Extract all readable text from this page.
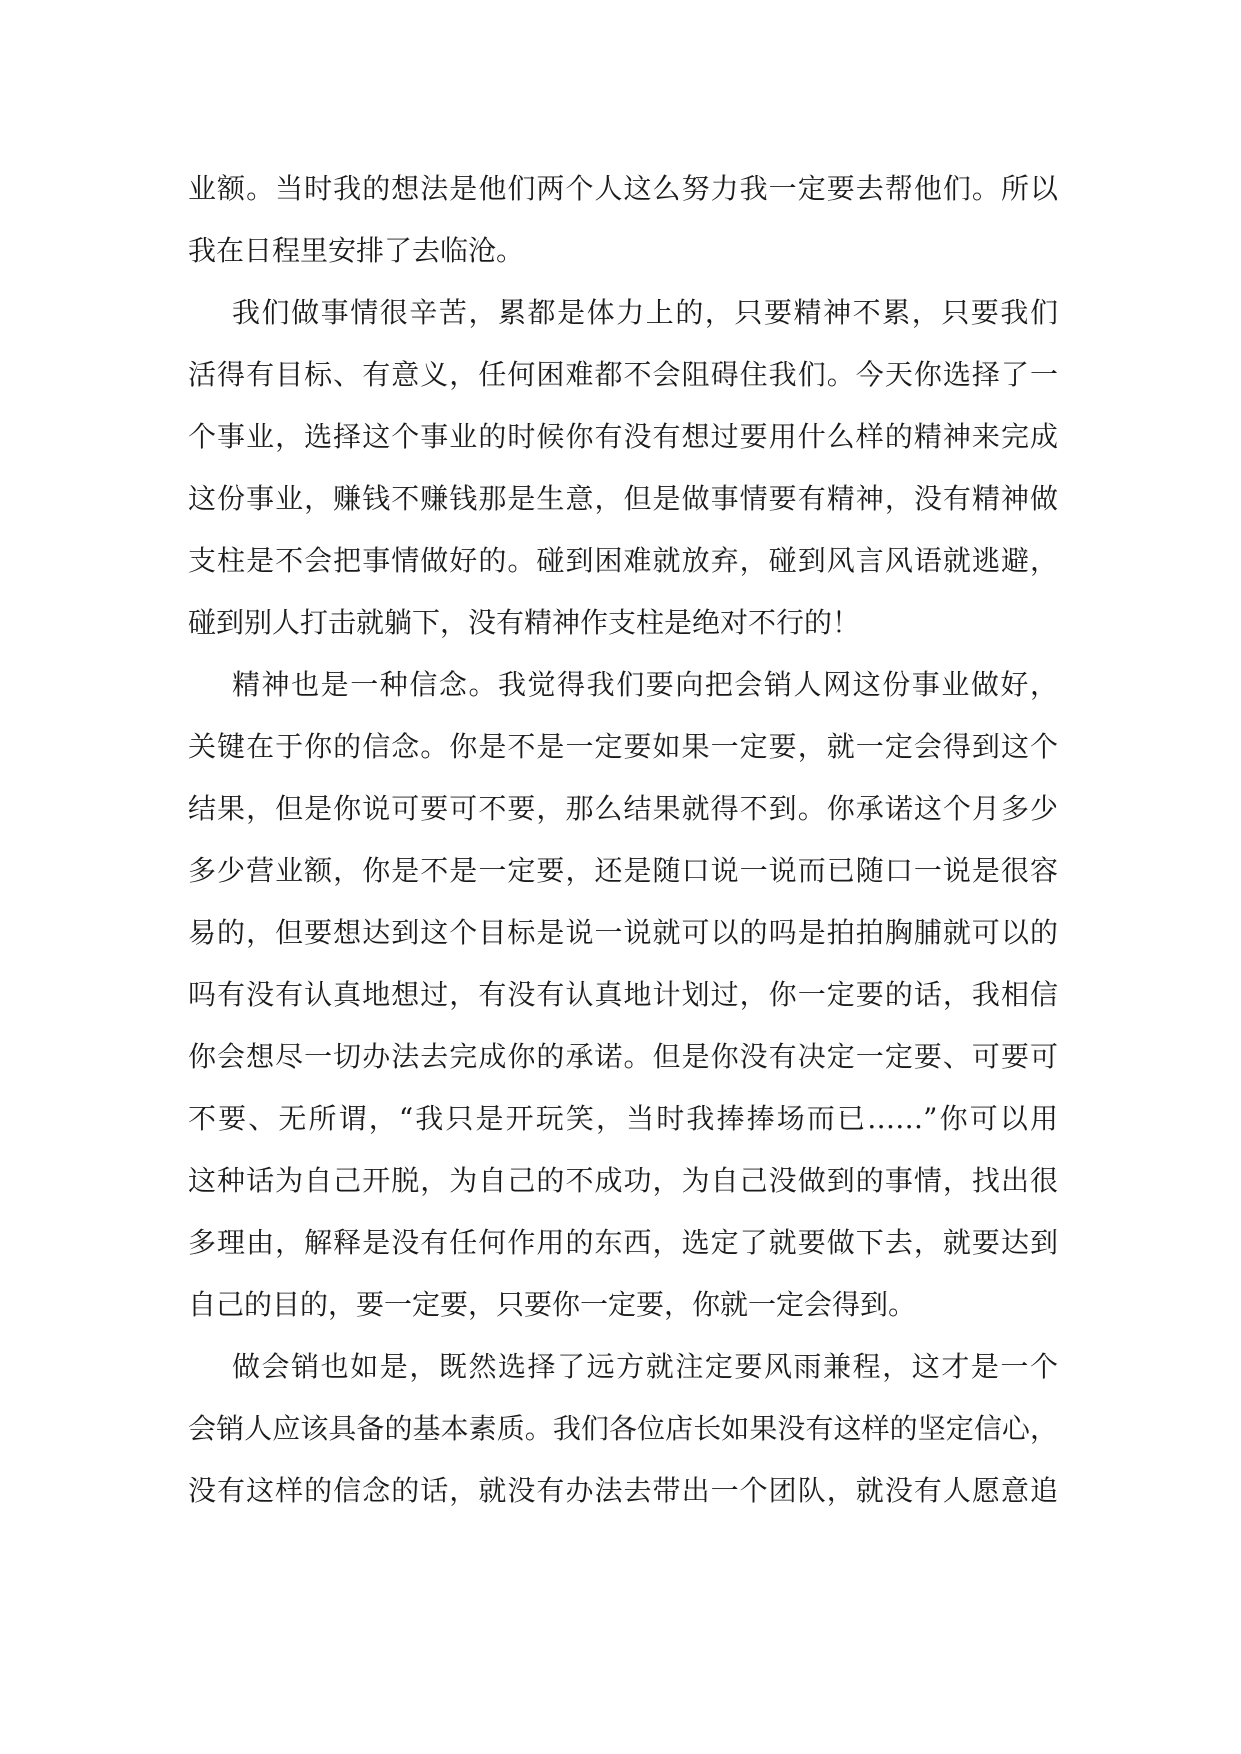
业额。当时我的想法是他们两个人这么努力我一定要去帮他们。所以
我在日程里安排了去临沧。
我们做事情很辛苦，累都是体力上的，只要精神不累，只要我们
活得有目标、有意义，任何困难都不会阻碍住我们。今天你选择了一
个事业，选择这个事业的时候你有没有想过要用什么样的精神来完成
这份事业，赚钱不赚钱那是生意，但是做事情要有精神，没有精神做
支柱是不会把事情做好的。碰到困难就放弃，碰到风言风语就逃避，
碰到别人打击就躺下，没有精神作支柱是绝对不行的！
精神也是一种信念。我觉得我们要向把会销人网这份事业做好，
关键在于你的信念。你是不是一定要如果一定要，就一定会得到这个
结果，但是你说可要可不要，那么结果就得不到。你承诺这个月多少
多少营业额，你是不是一定要，还是随口说一说而已随口一说是很容
易的，但要想达到这个目标是说一说就可以的吗是拍拍胸脯就可以的
吗有没有认真地想过，有没有认真地计划过，你一定要的话，我相信
你会想尽一切办法去完成你的承诺。但是你没有决定一定要、可要可
不要、无所谓，“我只是开玩笑，当时我捧捧场而已……”你可以用
这种话为自己开脱，为自己的不成功，为自己没做到的事情，找出很
多理由，解释是没有任何作用的东西，选定了就要做下去，就要达到
自己的目的，要一定要，只要你一定要，你就一定会得到。
做会销也如是，既然选择了远方就注定要风雨兼程，这才是一个
会销人应该具备的基本素质。我们各位店长如果没有这样的坚定信心，
没有这样的信念的话，就没有办法去带出一个团队，就没有人愿意追
